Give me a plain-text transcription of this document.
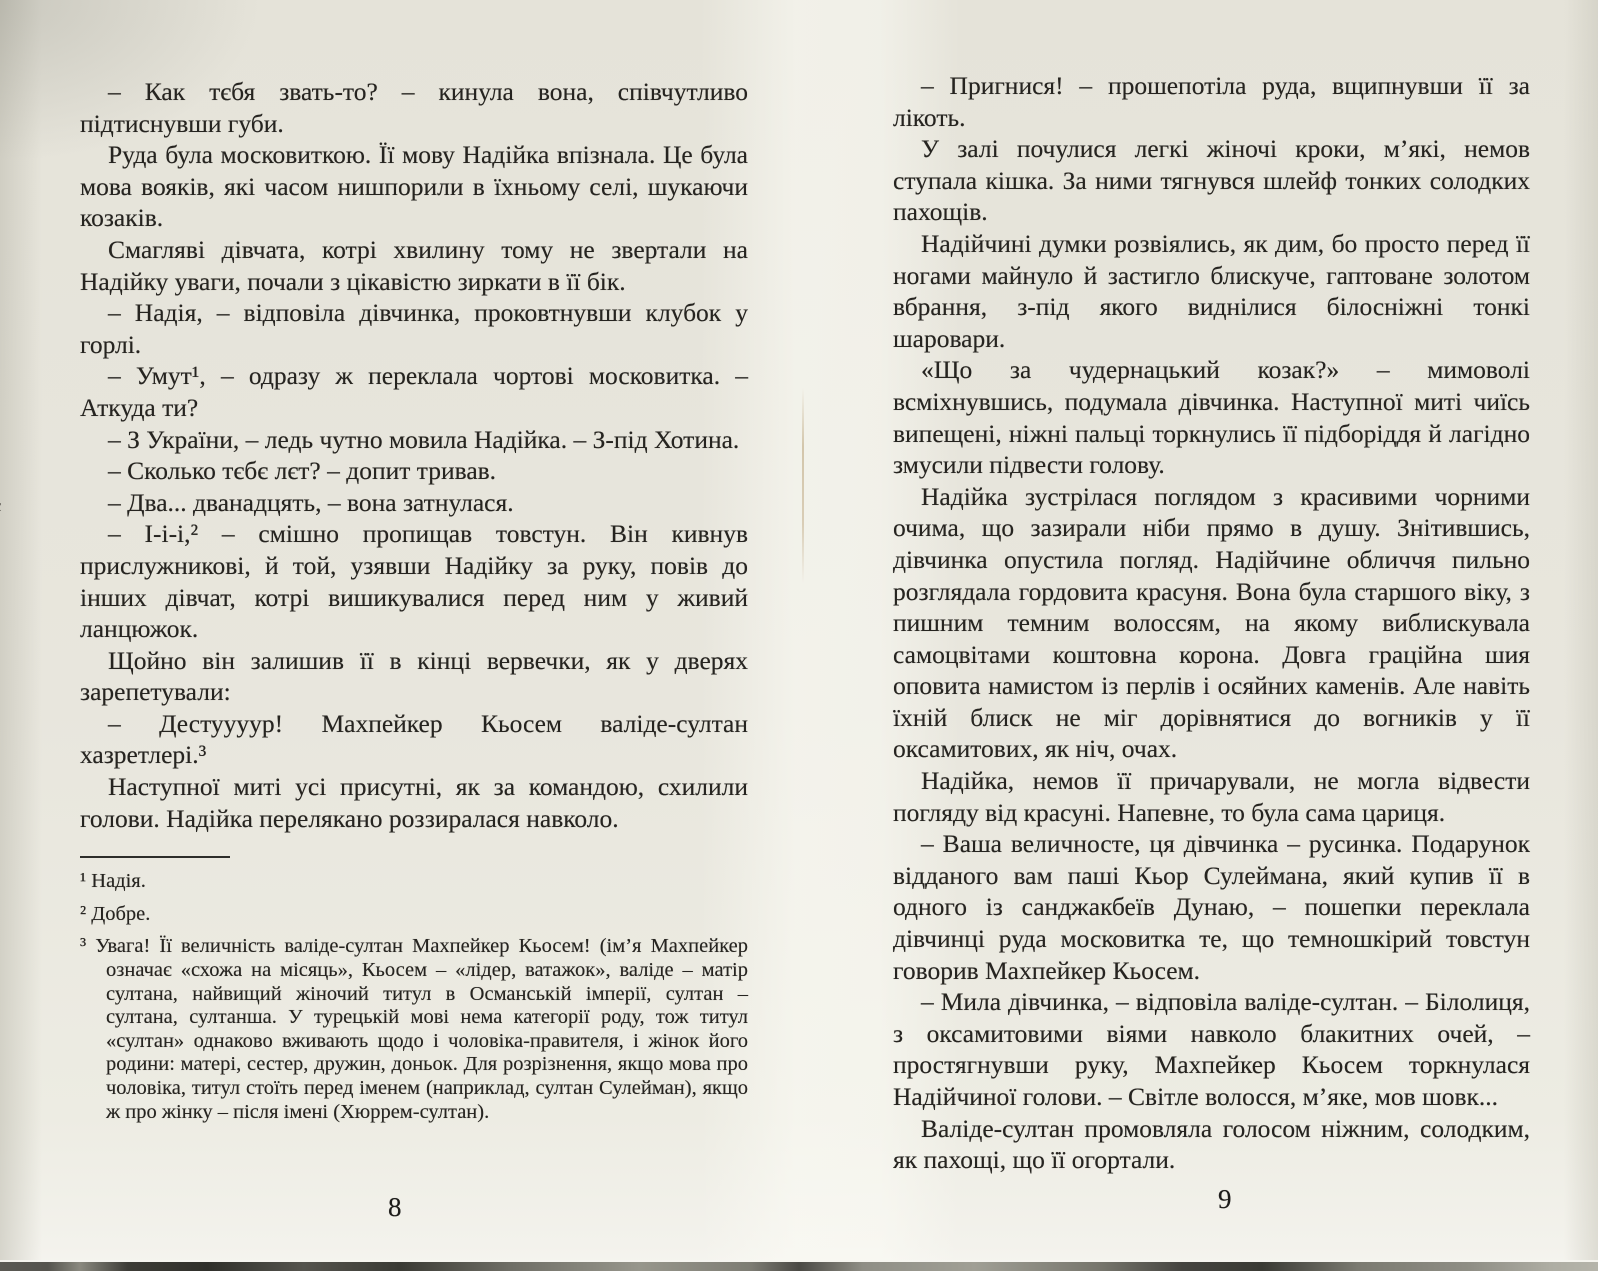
– Как тєбя звать-то? – кинула вона, співчутливо підтиснувши губи.

Руда була московиткою. Її мову Надійка впізнала. Це була мова вояків, які часом нишпорили в їхньому селі, шукаючи козаків.

Смагляві дівчата, котрі хвилину тому не звертали на Надійку уваги, почали з цікавістю зиркати в її бік.

– Надія, – відповіла дівчинка, проковтнувши клубок у горлі.

– Умут¹, – одразу ж переклала чортові московитка. – Аткуда ти?

– З України, – ледь чутно мовила Надійка. – З-під Хотина.

– Сколько тєбє лєт? – допит тривав.

– Два... дванадцять, – вона затнулася.

– І-і-і,² – смішно пропищав товстун. Він кивнув прислужникові, й той, узявши Надійку за руку, повів до інших дівчат, котрі вишикувалися перед ним у живий ланцюжок.

Щойно він залишив її в кінці вервечки, як у дверях зарепетували:

– Дестуууур! Махпейкер Кьосем валіде-султан хазретлері.³

Наступної миті усі присутні, як за командою, схилили голови. Надійка перелякано роззиралася навколо.

¹ Надія.

² Добре.

³ Увага! Її величність валіде-султан Махпейкер Кьосем! (ім’я Махпейкер означає «схожа на місяць», Кьосем – «лідер, ватажок», валіде – матір султана, найвищий жіночий титул в Османській імперії, султан – султана, султанша. У турецькій мові нема категорії роду, тож титул «султан» однаково вживають щодо і чоловіка-правителя, і жінок його родини: матері, сестер, дружин, доньок. Для розрізнення, якщо мова про чоловіка, титул стоїть перед іменем (наприклад, султан Сулейман), якщо ж про жінку – після імені (Хюррем-султан).

– Пригнися! – прошепотіла руда, вщипнувши її за лікоть.

У залі почулися легкі жіночі кроки, м’які, немов ступала кішка. За ними тягнувся шлейф тонких солодких пахощів.

Надійчині думки розвіялись, як дим, бо просто перед її ногами майнуло й застигло блискуче, гаптоване золотом вбрання, з-під якого виднілися білосніжні тонкі шаровари.

«Що за чудернацький козак?» – мимоволі всміхнувшись, подумала дівчинка. Наступної миті чиїсь випещені, ніжні пальці торкнулись її підборіддя й лагідно змусили підвести голову.

Надійка зустрілася поглядом з красивими чорними очима, що зазирали ніби прямо в душу. Знітившись, дівчинка опустила погляд. Надійчине обличчя пильно розглядала гордовита красуня. Вона була старшого віку, з пишним темним волоссям, на якому виблискувала самоцвітами коштовна корона. Довга граційна шия оповита намистом із перлів і осяйних каменів. Але навіть їхній блиск не міг дорівнятися до вогників у її оксамитових, як ніч, очах.

Надійка, немов її причарували, не могла відвести погляду від красуні. Напевне, то була сама цариця.

– Ваша величносте, ця дівчинка – русинка. Подарунок відданого вам паші Кьор Сулеймана, який купив її в одного із санджакбеїв Дунаю, – пошепки переклала дівчинці руда московитка те, що темношкірий товстун говорив Махпейкер Кьосем.

– Мила дівчинка, – відповіла валіде-султан. – Білолиця, з оксамитовими віями навколо блакитних очей, – простягнувши руку, Махпейкер Кьосем торкнулася Надійчиної голови. – Світле волосся, м’яке, мов шовк...

Валіде-султан промовляла голосом ніжним, солодким, як пахощі, що її огортали.

8	9
